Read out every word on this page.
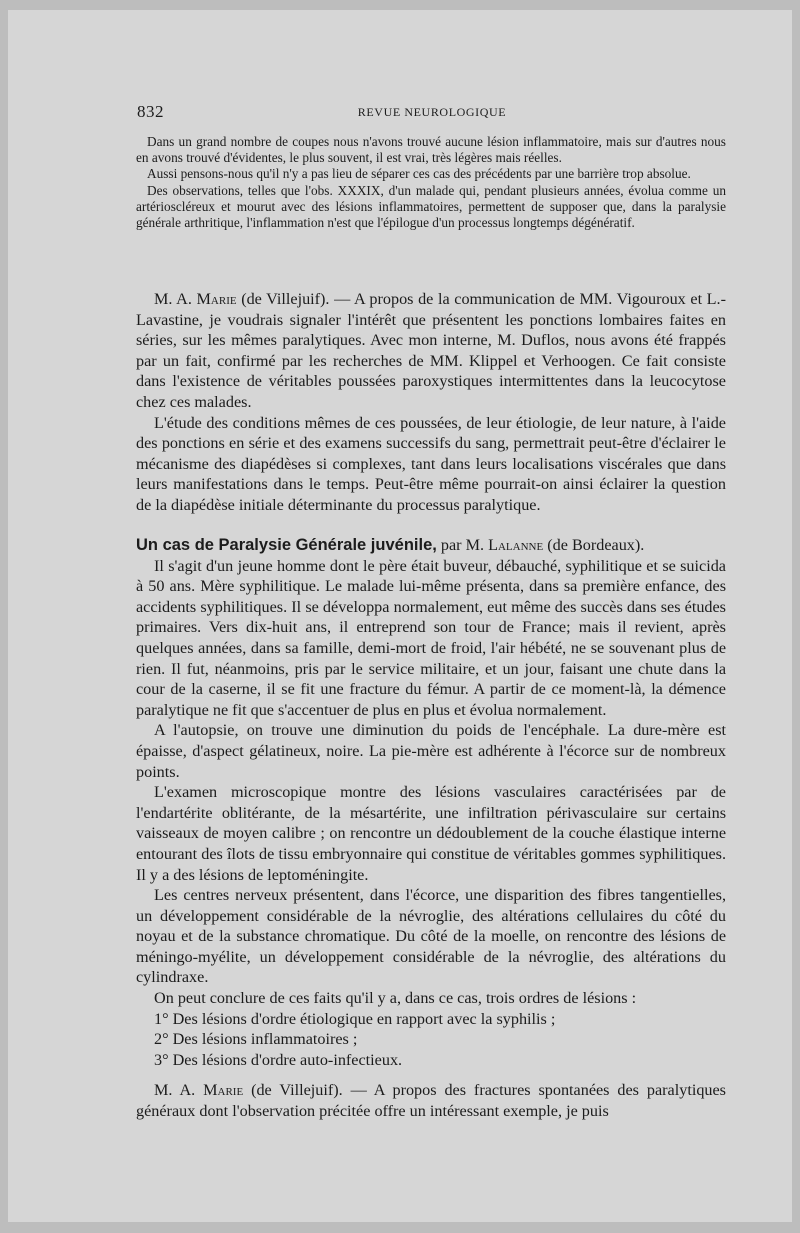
832	REVUE NEUROLOGIQUE

Dans un grand nombre de coupes nous n'avons trouvé aucune lésion inflammatoire, mais sur d'autres nous en avons trouvé d'évidentes, le plus souvent, il est vrai, très légères mais réelles.

Aussi pensons-nous qu'il n'y a pas lieu de séparer ces cas des précédents par une barrière trop absolue.

Des observations, telles que l'obs. XXXIX, d'un malade qui, pendant plusieurs années, évolua comme un artérioscléreux et mourut avec des lésions inflammatoires, permettent de supposer que, dans la paralysie générale arthritique, l'inflammation n'est que l'épilogue d'un processus longtemps dégénératif.

M. A. Marie (de Villejuif). — A propos de la communication de MM. Vigouroux et L.-Lavastine, je voudrais signaler l'intérêt que présentent les ponctions lombaires faites en séries, sur les mêmes paralytiques. Avec mon interne, M. Duflos, nous avons été frappés par un fait, confirmé par les recherches de MM. Klippel et Verhoogen. Ce fait consiste dans l'existence de véritables poussées paroxystiques intermittentes dans la leucocytose chez ces malades.

L'étude des conditions mêmes de ces poussées, de leur étiologie, de leur nature, à l'aide des ponctions en série et des examens successifs du sang, permettrait peut-être d'éclairer le mécanisme des diapédèses si complexes, tant dans leurs localisations viscérales que dans leurs manifestations dans le temps. Peut-être même pourrait-on ainsi éclairer la question de la diapédèse initiale déterminante du processus paralytique.

Un cas de Paralysie Générale juvénile, par M. Lalanne (de Bordeaux).

Il s'agit d'un jeune homme dont le père était buveur, débauché, syphilitique et se suicida à 50 ans. Mère syphilitique. Le malade lui-même présenta, dans sa première enfance, des accidents syphilitiques. Il se développa normalement, eut même des succès dans ses études primaires. Vers dix-huit ans, il entreprend son tour de France; mais il revient, après quelques années, dans sa famille, demi-mort de froid, l'air hébété, ne se souvenant plus de rien. Il fut, néanmoins, pris par le service militaire, et un jour, faisant une chute dans la cour de la caserne, il se fit une fracture du fémur. A partir de ce moment-là, la démence paralytique ne fit que s'accentuer de plus en plus et évolua normalement.

A l'autopsie, on trouve une diminution du poids de l'encéphale. La dure-mère est épaisse, d'aspect gélatineux, noire. La pie-mère est adhérente à l'écorce sur de nombreux points.

L'examen microscopique montre des lésions vasculaires caractérisées par de l'endartérite oblitérante, de la mésartérite, une infiltration périvasculaire sur certains vaisseaux de moyen calibre ; on rencontre un dédoublement de la couche élastique interne entourant des îlots de tissu embryonnaire qui constitue de véritables gommes syphilitiques. Il y a des lésions de leptoméningite.

Les centres nerveux présentent, dans l'écorce, une disparition des fibres tangentielles, un développement considérable de la névroglie, des altérations cellulaires du côté du noyau et de la substance chromatique. Du côté de la moelle, on rencontre des lésions de méningo-myélite, un développement considérable de la névroglie, des altérations du cylindraxe.

On peut conclure de ces faits qu'il y a, dans ce cas, trois ordres de lésions :

1° Des lésions d'ordre étiologique en rapport avec la syphilis ;

2° Des lésions inflammatoires ;

3° Des lésions d'ordre auto-infectieux.

M. A. Marie (de Villejuif). — A propos des fractures spontanées des paralytiques généraux dont l'observation précitée offre un intéressant exemple, je puis
